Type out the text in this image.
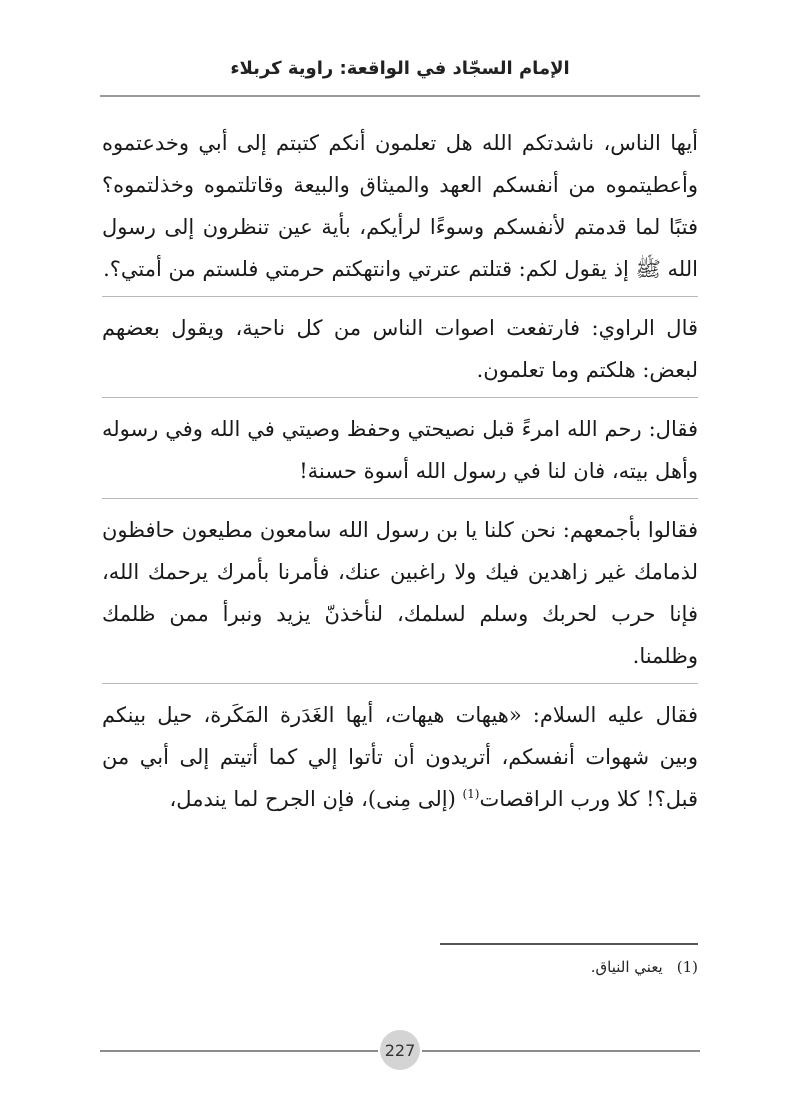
الإمام السجّاد في الواقعة: راوية كربلاء

أيها الناس، ناشدتكم الله هل تعلمون أنكم كتبتم إلى أبي وخدعتموه وأعطيتموه من أنفسكم العهد والميثاق والبيعة وقاتلتموه وخذلتموه؟ فتبًا لما قدمتم لأنفسكم وسوءًا لرأيكم، بأية عين تنظرون إلى رسول الله ﷺ إذ يقول لكم: قتلتم عترتي وانتهكتم حرمتي فلستم من أمتي؟.

قال الراوي: فارتفعت اصوات الناس من كل ناحية، ويقول بعضهم لبعض: هلكتم وما تعلمون.

فقال: رحم الله امرءً قبل نصيحتي وحفظ وصيتي في الله وفي رسوله وأهل بيته، فان لنا في رسول الله أسوة حسنة!

فقالوا بأجمعهم: نحن كلنا يا بن رسول الله سامعون مطيعون حافظون لذمامك غير زاهدين فيك ولا راغبين عنك، فأمرنا بأمرك يرحمك الله، فإنا حرب لحربك وسلم لسلمك، لنأخذنّ يزيد ونبرأ ممن ظلمك وظلمنا.

فقال عليه السلام: «هيهات هيهات، أيها الغَدَرة المَكَرة، حيل بينكم وبين شهوات أنفسكم، أتريدون أن تأتوا إلي كما أتيتم إلى أبي من قبل؟! كلا ورب الراقصات$^{(1)}$ (إلى مِنى)، فإن الجرح لما يندمل،

(1)يعني النياق.
227
